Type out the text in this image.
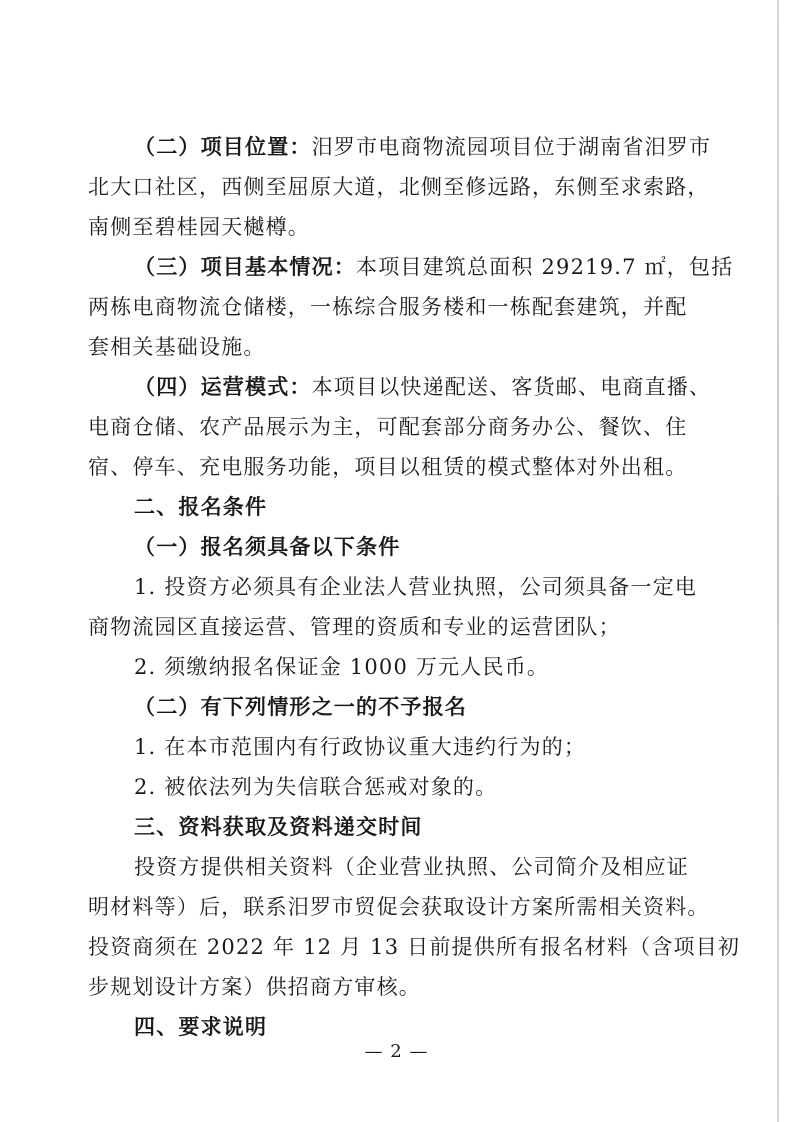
（二）项目位置：汨罗市电商物流园项目位于湖南省汨罗市
北大口社区，西侧至屈原大道，北侧至修远路，东侧至求索路，
南侧至碧桂园天樾樽。
（三）项目基本情况：本项目建筑总面积 29219.7 ㎡，包括
两栋电商物流仓储楼，一栋综合服务楼和一栋配套建筑，并配
套相关基础设施。
（四）运营模式：本项目以快递配送、客货邮、电商直播、
电商仓储、农产品展示为主，可配套部分商务办公、餐饮、住
宿、停车、充电服务功能，项目以租赁的模式整体对外出租。
二、报名条件
（一）报名须具备以下条件
1. 投资方必须具有企业法人营业执照，公司须具备一定电
商物流园区直接运营、管理的资质和专业的运营团队；
2. 须缴纳报名保证金 1000 万元人民币。
（二）有下列情形之一的不予报名
1. 在本市范围内有行政协议重大违约行为的；
2. 被依法列为失信联合惩戒对象的。
三、资料获取及资料递交时间
投资方提供相关资料（企业营业执照、公司简介及相应证
明材料等）后，联系汨罗市贸促会获取设计方案所需相关资料。
投资商须在 2022 年 12 月 13 日前提供所有报名材料（含项目初
步规划设计方案）供招商方审核。
四、要求说明
— 2 —
